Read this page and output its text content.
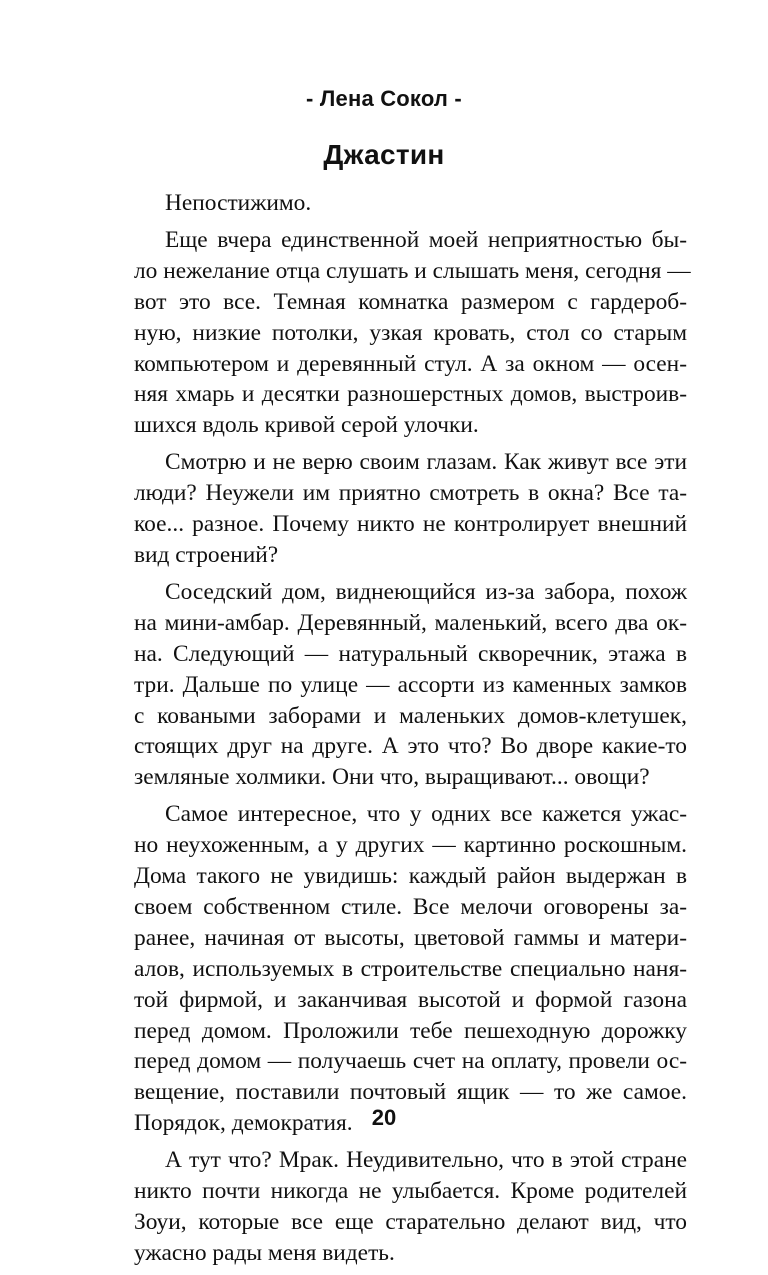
- Лена Сокол -
Джастин

Непостижимо.

Еще вчера единственной моей неприятностью бы-
ло нежелание отца слушать и слышать меня, сегодня —
вот это все. Темная комнатка размером с гардероб-
ную, низкие потолки, узкая кровать, стол со старым
компьютером и деревянный стул. А за окном — осен-
няя хмарь и десятки разношерстных домов, выстроив-
шихся вдоль кривой серой улочки.

Смотрю и не верю своим глазам. Как живут все эти
люди? Неужели им приятно смотреть в окна? Все та-
кое... разное. Почему никто не контролирует внешний
вид строений?

Соседский дом, виднеющийся из-за забора, похож
на мини-амбар. Деревянный, маленький, всего два ок-
на. Следующий — натуральный скворечник, этажа в
три. Дальше по улице — ассорти из каменных замков
с коваными заборами и маленьких домов-клетушек,
стоящих друг на друге. А это что? Во дворе какие-то
земляные холмики. Они что, выращивают... овощи?

Самое интересное, что у одних все кажется ужас-
но неухоженным, а у других — картинно роскошным.
Дома такого не увидишь: каждый район выдержан в
своем собственном стиле. Все мелочи оговорены за-
ранее, начиная от высоты, цветовой гаммы и матери-
алов, используемых в строительстве специально наня-
той фирмой, и заканчивая высотой и формой газона
перед домом. Проложили тебе пешеходную дорожку
перед домом — получаешь счет на оплату, провели ос-
вещение, поставили почтовый ящик — то же самое.
Порядок, демократия.

А тут что? Мрак. Неудивительно, что в этой стране
никто почти никогда не улыбается. Кроме родителей
Зоуи, которые все еще старательно делают вид, что
ужасно рады меня видеть.

20
